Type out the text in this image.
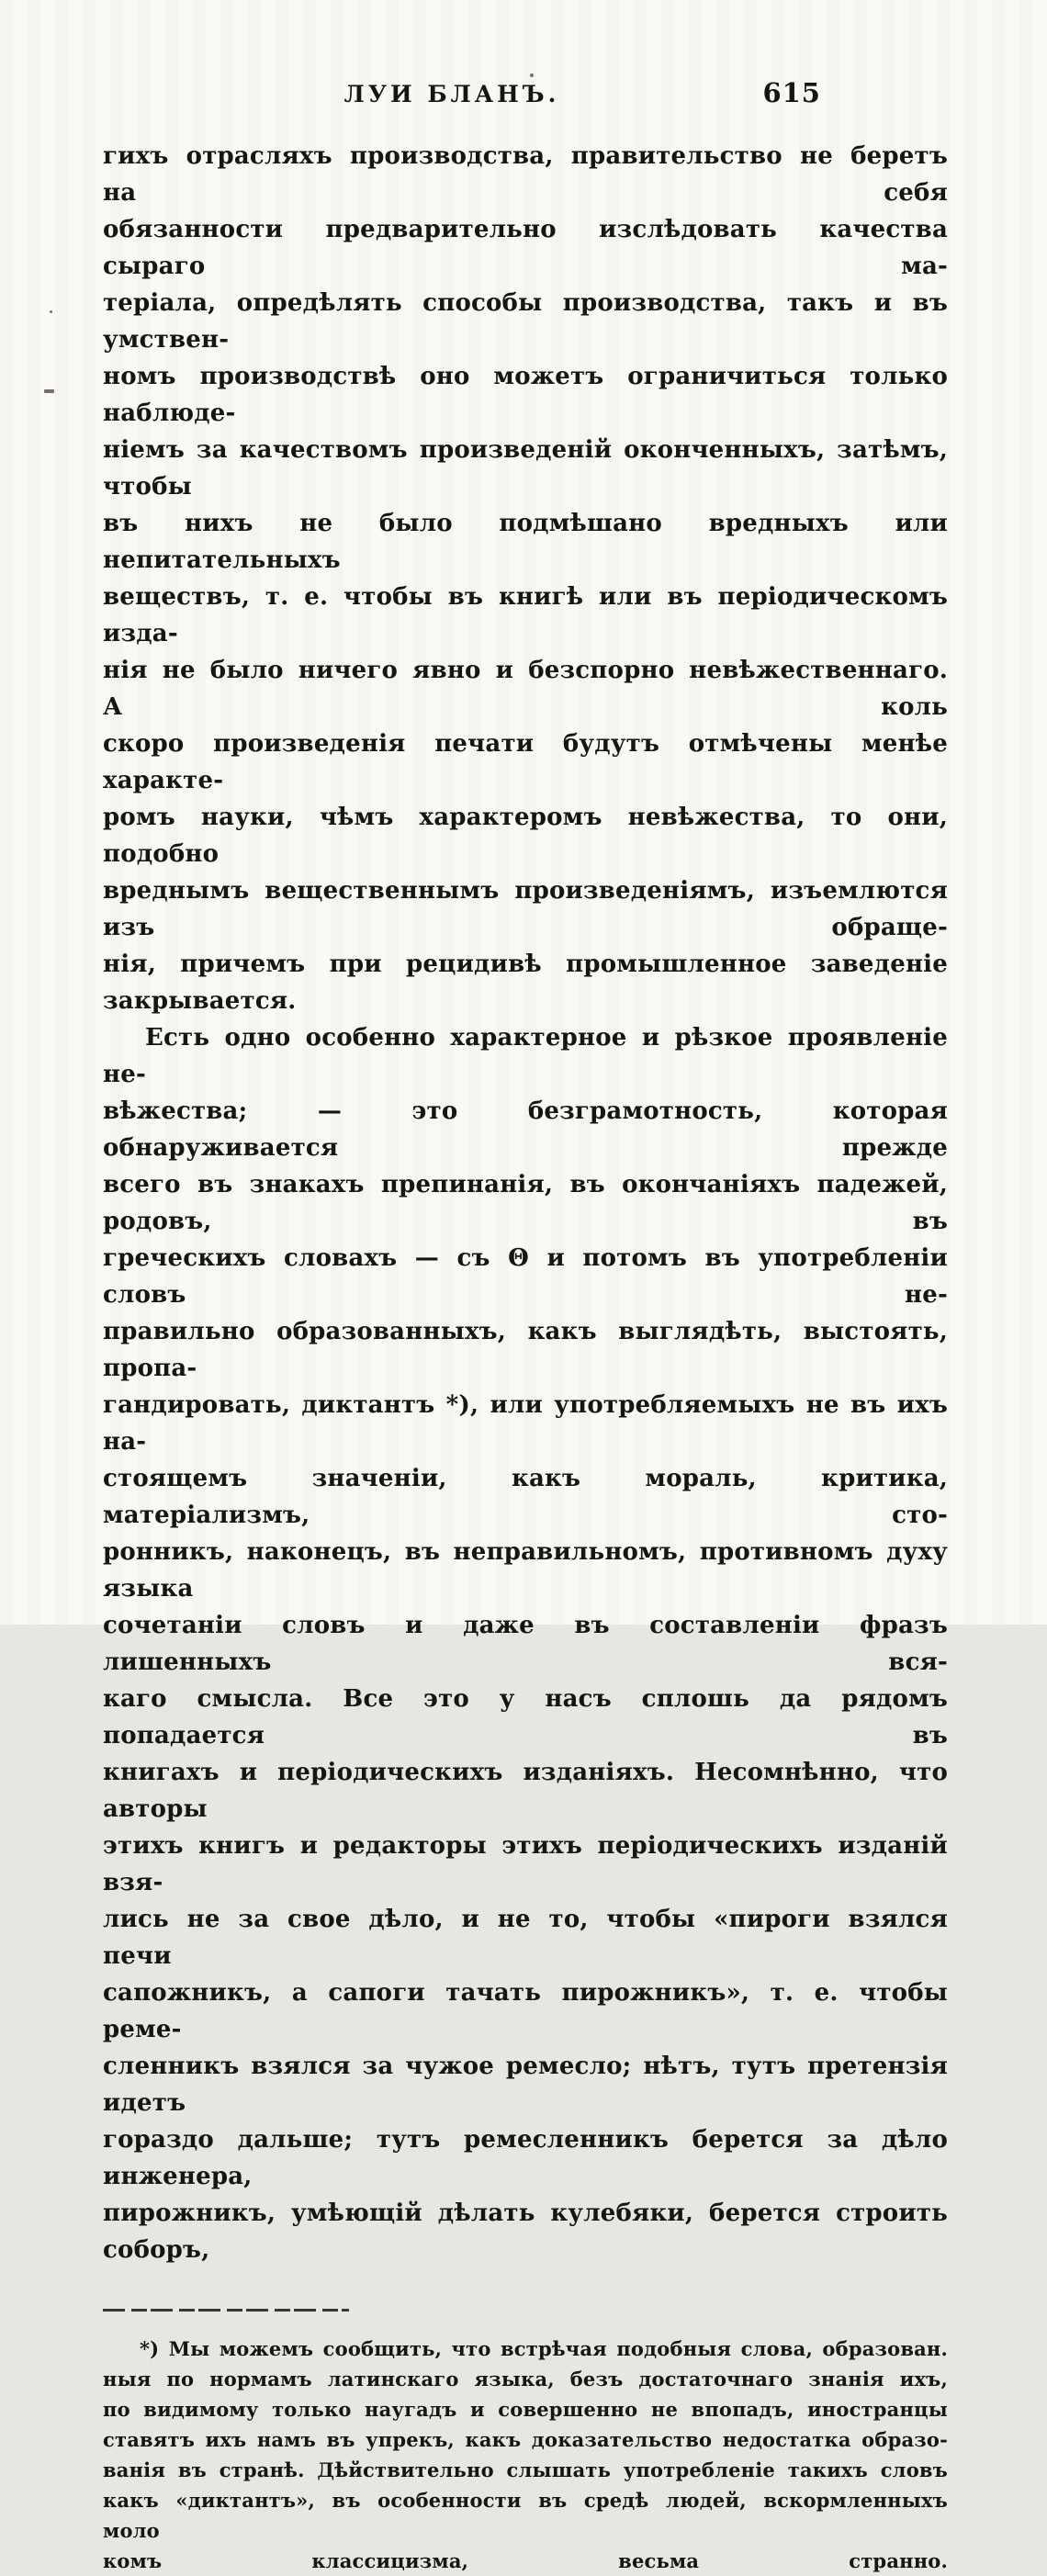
ЛУИ БЛАНЪ.	615
гихъ отрасляхъ производства, правительство не беретъ на себя
обязанности предварительно изслѣдовать качества сыраго ма-
теріала, опредѣлять способы производства, такъ и въ умствен-
номъ производствѣ оно можетъ ограничиться только наблюде-
ніемъ за качествомъ произведеній оконченныхъ, затѣмъ, чтобы
въ нихъ не было подмѣшано вредныхъ или непитательныхъ
веществъ, т. е. чтобы въ книгѣ или въ періодическомъ изда-
нія не было ничего явно и безспорно невѣжественнаго. А коль
скоро произведенія печати будутъ отмѣчены менѣе характе-
ромъ науки, чѣмъ характеромъ невѣжества, то они, подобно
вреднымъ вещественнымъ произведеніямъ, изъемлются изъ обраще-
нія, причемъ при рецидивѣ промышленное заведеніе закрывается.
Есть одно особенно характерное и рѣзкое проявленіе не-
вѣжества; — это безграмотность, которая обнаруживается прежде
всего въ знакахъ препинанія, въ окончаніяхъ падежей, родовъ, въ
греческихъ словахъ — съ Θ и потомъ въ употребленіи словъ не-
правильно образованныхъ, какъ выглядѣть, выстоять, пропа-
гандировать, диктантъ *), или употребляемыхъ не въ ихъ на-
стоящемъ значеніи, какъ мораль, критика, матеріализмъ, сто-
ронникъ, наконецъ, въ неправильномъ, противномъ духу языка
сочетаніи словъ и даже въ составленіи фразъ лишенныхъ вся-
каго смысла. Все это у насъ сплошь да рядомъ попадается въ
книгахъ и періодическихъ изданіяхъ. Несомнѣнно, что авторы
этихъ книгъ и редакторы этихъ періодическихъ изданій взя-
лись не за свое дѣло, и не то, чтобы «пироги взялся печи
сапожникъ, а сапоги тачать пирожникъ», т. е. чтобы реме-
сленникъ взялся за чужое ремесло; нѣтъ, тутъ претензія идетъ
гораздо дальше; тутъ ремесленникъ берется за дѣло инженера,
пирожникъ, умѣющій дѣлать кулебяки, берется строить соборъ,
*) Мы можемъ сообщить, что встрѣчая подобныя слова, образован.
ныя по нормамъ латинскаго языка, безъ достаточнаго знанія ихъ,
по видимому только наугадъ и совершенно не впопадъ, иностранцы
ставятъ ихъ намъ въ упрекъ, какъ доказательство недостатка образо-
ванія въ странѣ. Дѣйствительно слышать употребленіе такихъ словъ
какъ «диктантъ», въ особенности въ средѣ людей, вскормленныхъ моло
комъ классицизма, весьма странно.
